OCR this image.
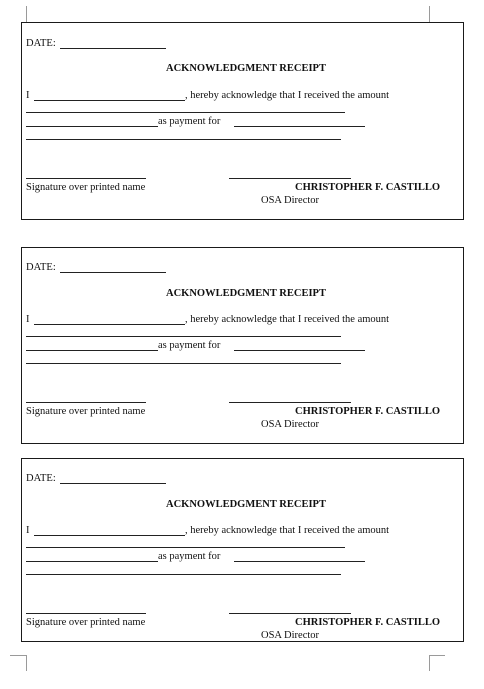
DATE:
ACKNOWLEDGMENT RECEIPT
I	, hereby acknowledge that I received the amount
as payment for
Signature over printed name	CHRISTOPHER F. CASTILLO
OSA Director
DATE:
ACKNOWLEDGMENT RECEIPT
I	, hereby acknowledge that I received the amount
as payment for
Signature over printed name	CHRISTOPHER F. CASTILLO
OSA Director
DATE:
ACKNOWLEDGMENT RECEIPT
I	, hereby acknowledge that I received the amount
as payment for
Signature over printed name	CHRISTOPHER F. CASTILLO
OSA Director
